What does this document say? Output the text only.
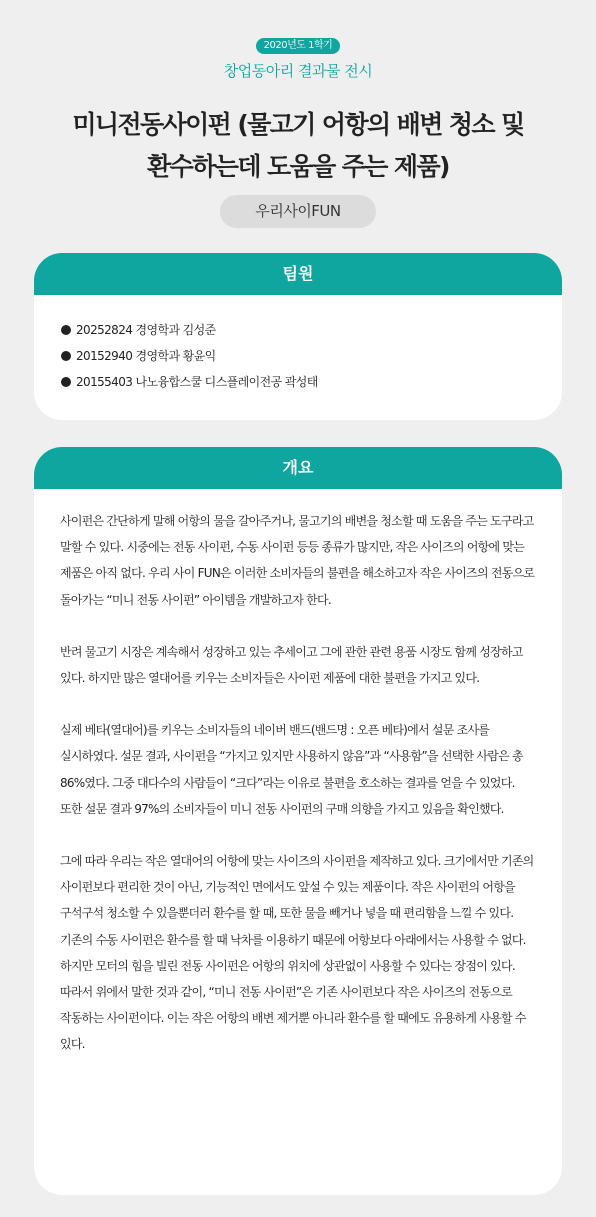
2020년도 1학기
창업동아리 결과물 전시
미니전동사이펀 (물고기 어항의 배변 청소 및
환수하는데 도움을 주는 제품)
우리사이FUN
팀원
20252824 경영학과 김성준
20152940 경영학과 황윤익
20155403 나노융합스쿨 디스플레이전공 곽성태
개요

사이펀은 간단하게 말해 어항의 물을 갈아주거나, 물고기의 배변을 청소할 때 도움을 주는 도구라고 말할 수 있다. 시중에는 전동 사이펀, 수동 사이펀 등등 종류가 많지만, 작은 사이즈의 어항에 맞는 제품은 아직 없다. 우리 사이 FUN은 이러한 소비자들의 불편을 해소하고자 작은 사이즈의 전동으로 돌아가는 “미니 전동 사이펀” 아이템을 개발하고자 한다.

반려 물고기 시장은 계속해서 성장하고 있는 추세이고 그에 관한 관련 용품 시장도 함께 성장하고 있다. 하지만 많은 열대어를 키우는 소비자들은 사이펀 제품에 대한 불편을 가지고 있다.

실제 베타(열대어)를 키우는 소비자들의 네이버 밴드(밴드명 : 오픈 베타)에서 설문 조사를 실시하였다. 설문 결과, 사이펀을 “가지고 있지만 사용하지 않음”과 “사용함”을 선택한 사람은 총 86%였다. 그중 대다수의 사람들이 “크다”라는 이유로 불편을 호소하는 결과를 얻을 수 있었다. 또한 설문 결과 97%의 소비자들이 미니 전동 사이펀의 구매 의향을 가지고 있음을 확인했다.

그에 따라 우리는 작은 열대어의 어항에 맞는 사이즈의 사이펀을 제작하고 있다. 크기에서만 기존의 사이펀보다 편리한 것이 아닌, 기능적인 면에서도 앞설 수 있는 제품이다. 작은 사이펀의 어항을 구석구석 청소할 수 있을뿐더러 환수를 할 때, 또한 물을 빼거나 넣을 때 편리함을 느낄 수 있다. 기존의 수동 사이펀은 환수를 할 때 낙차를 이용하기 때문에 어항보다 아래에서는 사용할 수 없다. 하지만 모터의 힘을 빌린 전동 사이펀은 어항의 위치에 상관없이 사용할 수 있다는 장점이 있다. 따라서 위에서 말한 것과 같이, “미니 전동 사이펀”은 기존 사이펀보다 작은 사이즈의 전동으로 작동하는 사이펀이다. 이는 작은 어항의 배변 제거뿐 아니라 환수를 할 때에도 유용하게 사용할 수 있다.
